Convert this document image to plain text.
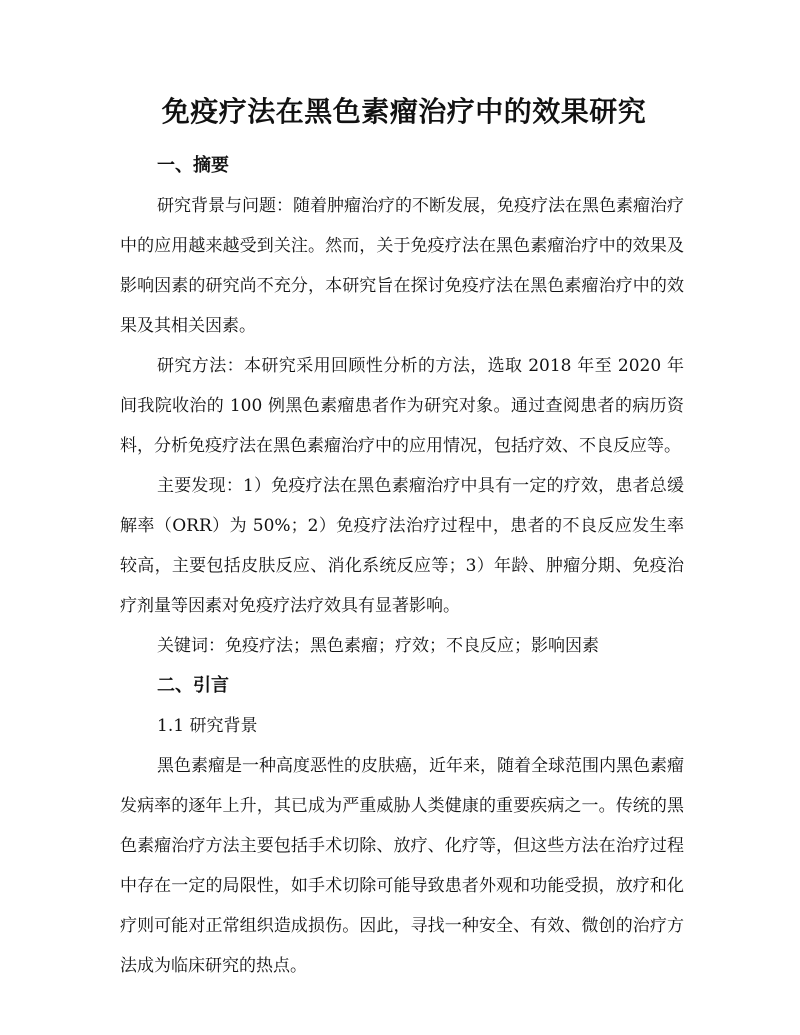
免疫疗法在黑色素瘤治疗中的效果研究
一、摘要

研究背景与问题：随着肿瘤治疗的不断发展，免疫疗法在黑色素瘤治疗中的应用越来越受到关注。然而，关于免疫疗法在黑色素瘤治疗中的效果及影响因素的研究尚不充分，本研究旨在探讨免疫疗法在黑色素瘤治疗中的效果及其相关因素。

研究方法：本研究采用回顾性分析的方法，选取 2018 年至 2020 年间我院收治的 100 例黑色素瘤患者作为研究对象。通过查阅患者的病历资料，分析免疫疗法在黑色素瘤治疗中的应用情况，包括疗效、不良反应等。

主要发现：1）免疫疗法在黑色素瘤治疗中具有一定的疗效，患者总缓解率（ORR）为 50%；2）免疫疗法治疗过程中，患者的不良反应发生率较高，主要包括皮肤反应、消化系统反应等；3）年龄、肿瘤分期、免疫治疗剂量等因素对免疫疗法疗效具有显著影响。

关键词：免疫疗法；黑色素瘤；疗效；不良反应；影响因素

二、引言
1.1 研究背景

黑色素瘤是一种高度恶性的皮肤癌，近年来，随着全球范围内黑色素瘤发病率的逐年上升，其已成为严重威胁人类健康的重要疾病之一。传统的黑色素瘤治疗方法主要包括手术切除、放疗、化疗等，但这些方法在治疗过程中存在一定的局限性，如手术切除可能导致患者外观和功能受损，放疗和化疗则可能对正常组织造成损伤。因此，寻找一种安全、有效、微创的治疗方法成为临床研究的热点。
